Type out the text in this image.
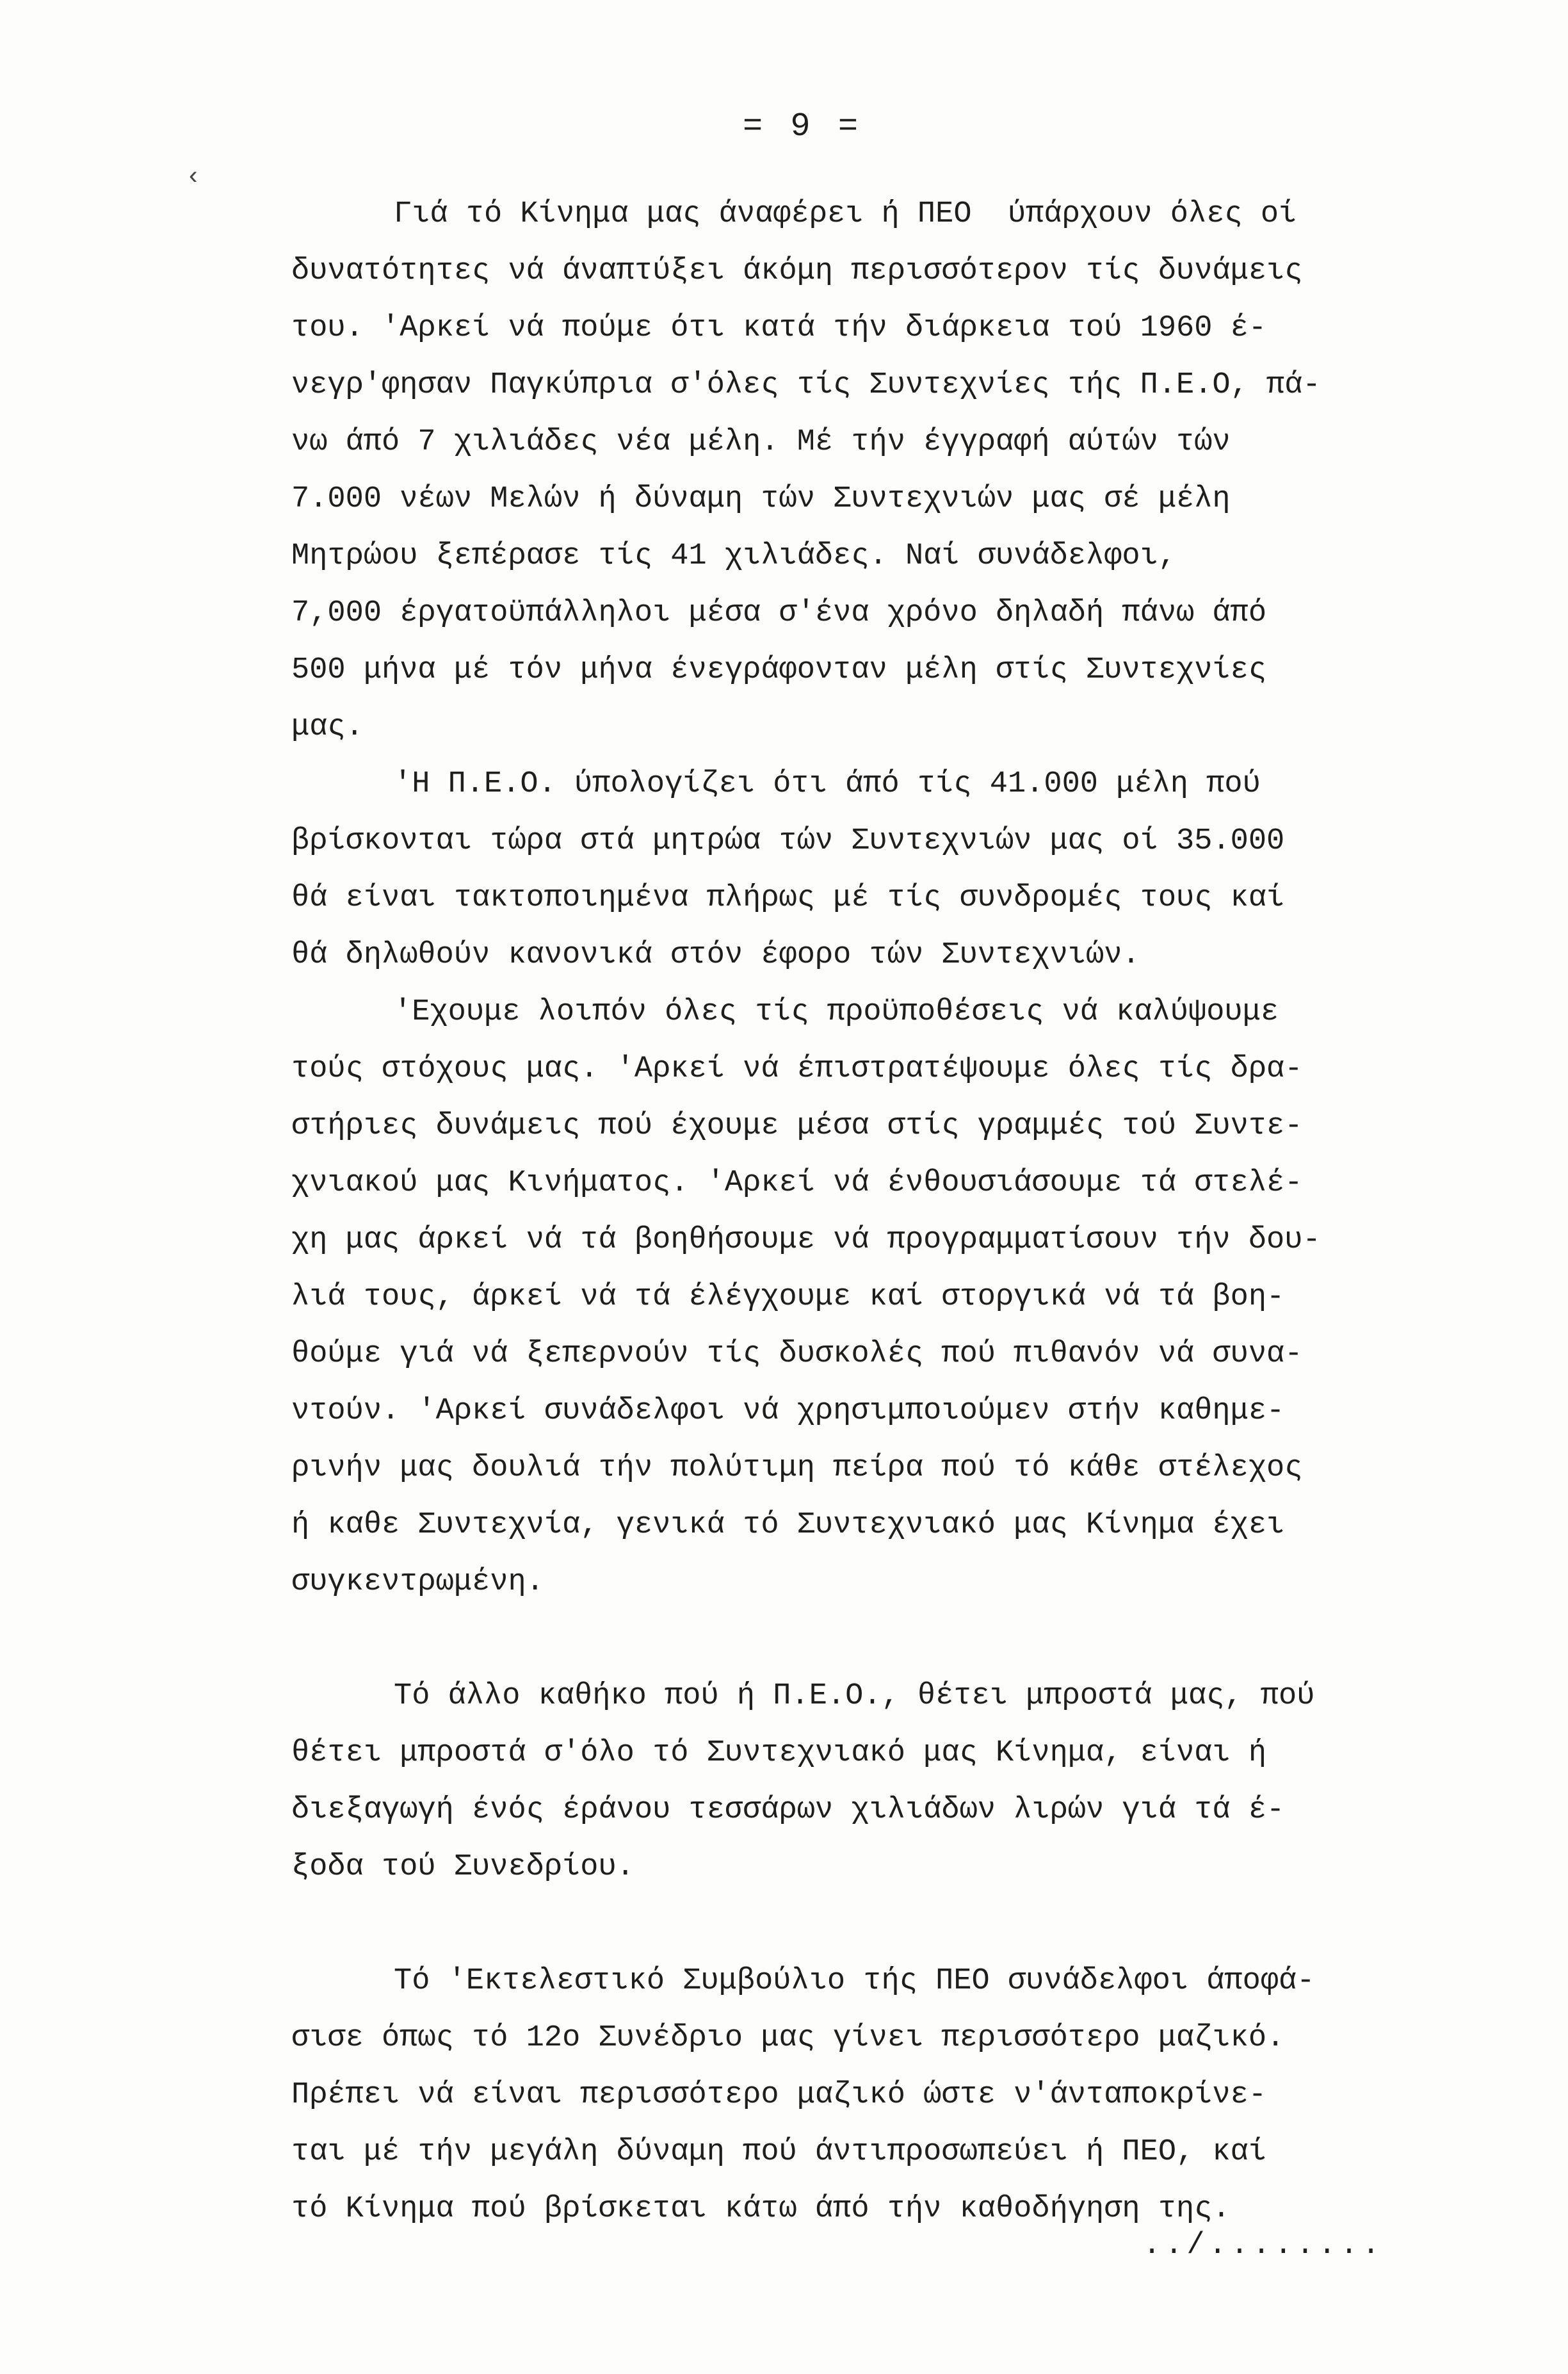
‹
= 9 =
Γιά τό Κίνημα μας άναφέρει ή ΠΕΟ  ύπάρχουν όλες οί
δυνατότητες νά άναπτύξει άκόμη περισσότερον τίς δυνάμεις
του. 'Αρκεί νά πούμε ότι κατά τήν διάρκεια τού 1960 έ-
νεγρ'φησαν Παγκύπρια σ'όλες τίς Συντεχνίες τής Π.Ε.Ο, πά-
νω άπό 7 χιλιάδες νέα μέλη. Μέ τήν έγγραφή αύτών τών
7.000 νέων Μελών ή δύναμη τών Συντεχνιών μας σέ μέλη
Μητρώου ξεπέρασε τίς 41 χιλιάδες. Ναί συνάδελφοι,
7,000 έργατοϋπάλληλοι μέσα σ'ένα χρόνο δηλαδή πάνω άπό
500 μήνα μέ τόν μήνα ένεγράφονταν μέλη στίς Συντεχνίες
μας.
'Η Π.Ε.Ο. ύπολογίζει ότι άπό τίς 41.000 μέλη πού
βρίσκονται τώρα στά μητρώα τών Συντεχνιών μας οί 35.000
θά είναι τακτοποιημένα πλήρως μέ τίς συνδρομές τους καί
θά δηλωθούν κανονικά στόν έφορο τών Συντεχνιών.
'Εχουμε λοιπόν όλες τίς προϋποθέσεις νά καλύψουμε
τούς στόχους μας. 'Αρκεί νά έπιστρατέψουμε όλες τίς δρα-
στήριες δυνάμεις πού έχουμε μέσα στίς γραμμές τού Συντε-
χνιακού μας Κινήματος. 'Αρκεί νά ένθουσιάσουμε τά στελέ-
χη μας άρκεί νά τά βοηθήσουμε νά προγραμματίσουν τήν δου-
λιά τους, άρκεί νά τά έλέγχουμε καί στοργικά νά τά βοη-
θούμε γιά νά ξεπερνούν τίς δυσκολές πού πιθανόν νά συνα-
ντούν. 'Αρκεί συνάδελφοι νά χρησιμποιούμεν στήν καθημε-
ρινήν μας δουλιά τήν πολύτιμη πείρα πού τό κάθε στέλεχος
ή καθε Συντεχνία, γενικά τό Συντεχνιακό μας Κίνημα έχει
συγκεντρωμένη.
Τό άλλο καθήκο πού ή Π.Ε.Ο., θέτει μπροστά μας, πού
θέτει μπροστά σ'όλο τό Συντεχνιακό μας Κίνημα, είναι ή
διεξαγωγή ένός έράνου τεσσάρων χιλιάδων λιρών γιά τά έ-
ξοδα τού Συνεδρίου.
Τό 'Εκτελεστικό Συμβούλιο τής ΠΕΟ συνάδελφοι άποφά-
σισε όπως τό 12ο Συνέδριο μας γίνει περισσότερο μαζικό.
Πρέπει νά είναι περισσότερο μαζικό ώστε ν'άνταποκρίνε-
ται μέ τήν μεγάλη δύναμη πού άντιπροσωπεύει ή ΠΕΟ, καί
τό Κίνημα πού βρίσκεται κάτω άπό τήν καθοδήγηση της.
../........
